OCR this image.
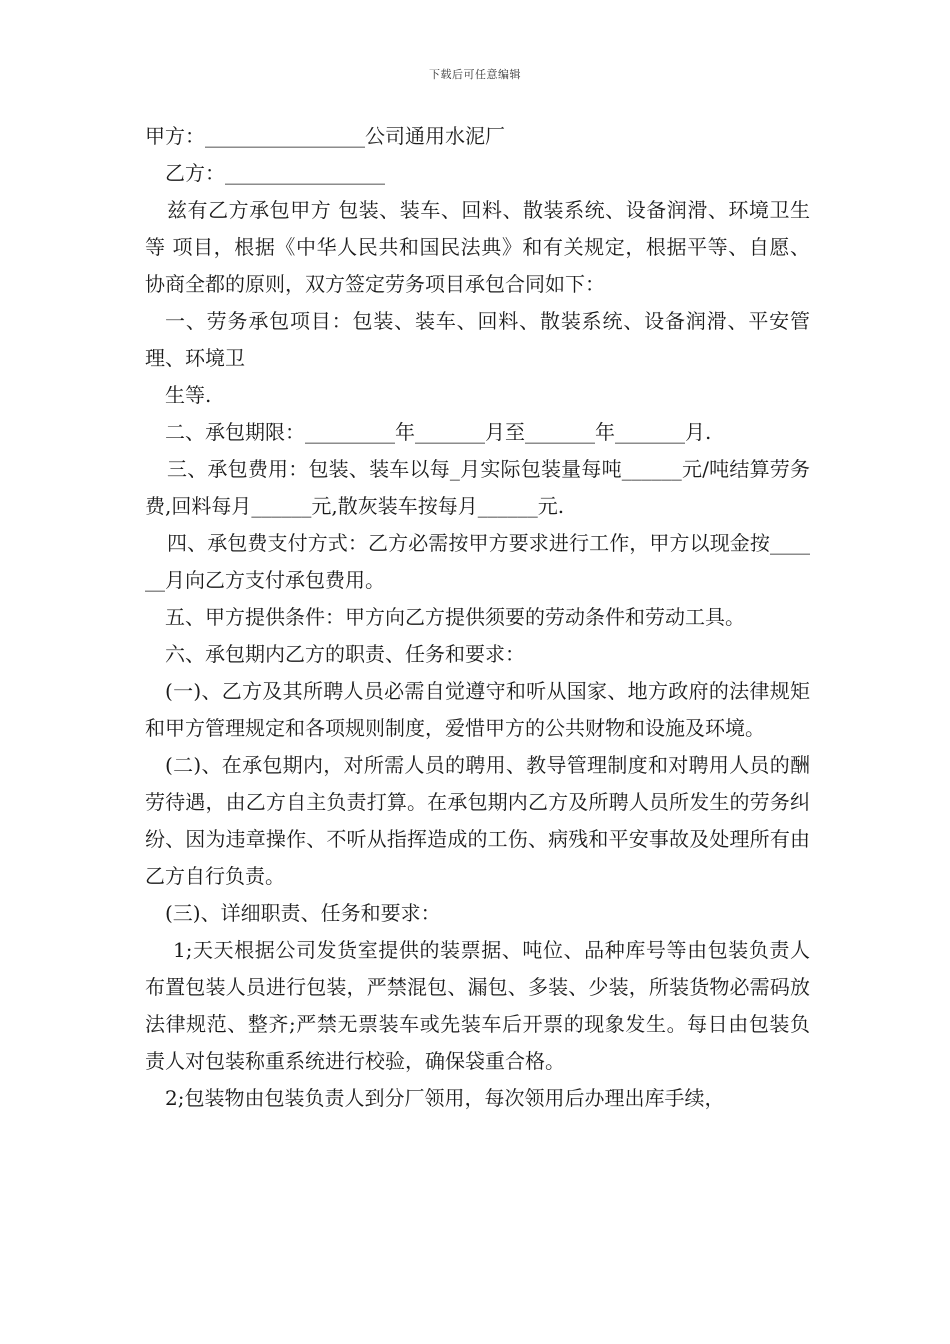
下载后可任意编辑

甲方：________________公司通用水泥厂

乙方：________________

兹有乙方承包甲方 包装、装车、回料、散装系统、设备润滑、环境卫生等 项目，根据《中华人民共和国民法典》和有关规定，根据平等、自愿、协商全都的原则，双方签定劳务项目承包合同如下：

一、劳务承包项目：包装、装车、回料、散装系统、设备润滑、平安管理、环境卫

生等.

二、承包期限：_________年_______月至_______年_______月.

三、承包费用：包装、装车以每_月实际包装量每吨______元/吨结算劳务费,回料每月______元,散灰装车按每月______元.

四、承包费支付方式：乙方必需按甲方要求进行工作，甲方以现金按______月向乙方支付承包费用。

五、甲方提供条件：甲方向乙方提供须要的劳动条件和劳动工具。

六、承包期内乙方的职责、任务和要求：

(一)、乙方及其所聘人员必需自觉遵守和听从国家、地方政府的法律规矩和甲方管理规定和各项规则制度，爱惜甲方的公共财物和设施及环境。

(二)、在承包期内，对所需人员的聘用、教导管理制度和对聘用人员的酬劳待遇，由乙方自主负责打算。在承包期内乙方及所聘人员所发生的劳务纠纷、因为违章操作、不听从指挥造成的工伤、病残和平安事故及处理所有由乙方自行负责。

(三)、详细职责、任务和要求：

1;天天根据公司发货室提供的装票据、吨位、品种库号等由包装负责人布置包装人员进行包装，严禁混包、漏包、多装、少装，所装货物必需码放法律规范、整齐;严禁无票装车或先装车后开票的现象发生。每日由包装负责人对包装称重系统进行校验，确保袋重合格。

2;包装物由包装负责人到分厂领用，每次领用后办理出库手续，
